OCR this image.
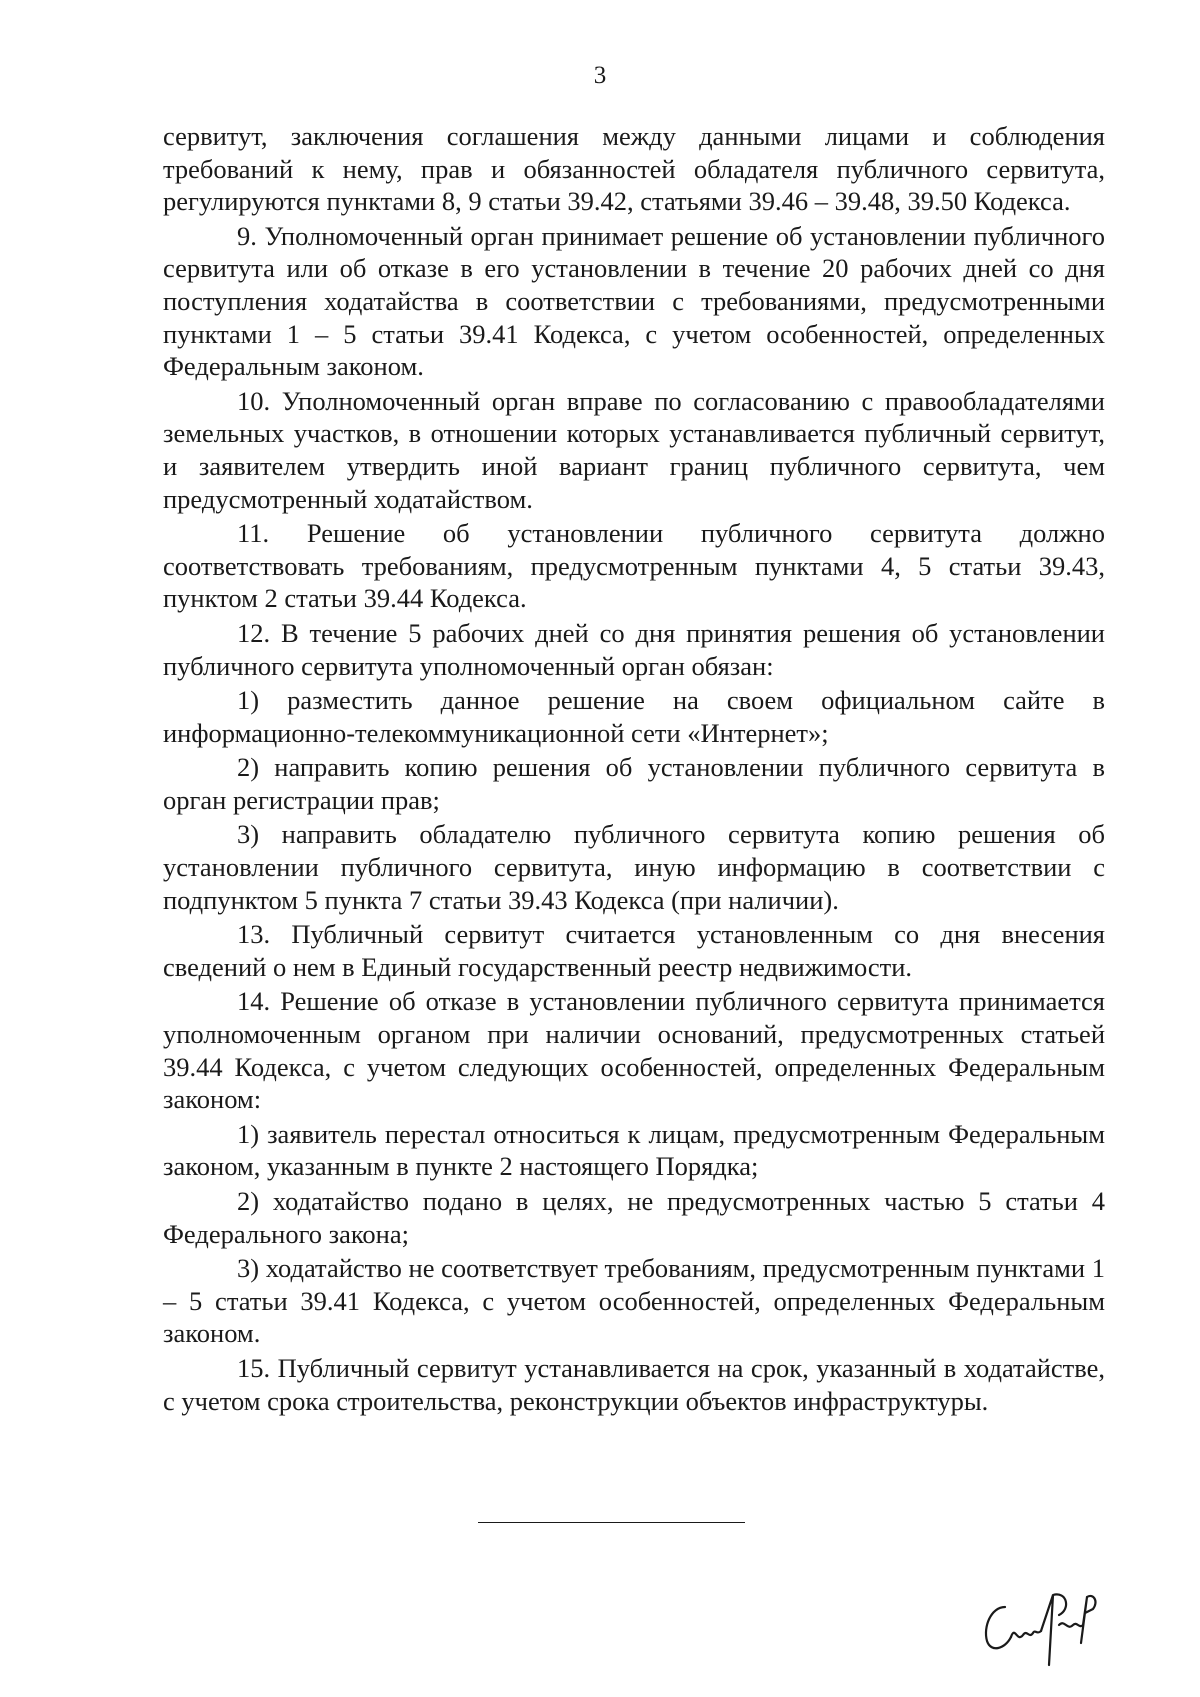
3

сервитут, заключения соглашения между данными лицами и соблюдения требований к нему, прав и обязанностей обладателя публичного сервитута, регулируются пунктами 8, 9 статьи 39.42, статьями 39.46 – 39.48, 39.50 Кодекса.

9. Уполномоченный орган принимает решение об установлении публичного сервитута или об отказе в его установлении в течение 20 рабочих дней со дня поступления ходатайства в соответствии с требованиями, предусмотренными пунктами 1 – 5 статьи 39.41 Кодекса, с учетом особенностей, определенных Федеральным законом.

10. Уполномоченный орган вправе по согласованию с правообладателями земельных участков, в отношении которых устанавливается публичный сервитут, и заявителем утвердить иной вариант границ публичного сервитута, чем предусмотренный ходатайством.

11. Решение об установлении публичного сервитута должно соответствовать требованиям, предусмотренным пунктами 4, 5 статьи 39.43, пунктом 2 статьи 39.44 Кодекса.

12. В течение 5 рабочих дней со дня принятия решения об установлении публичного сервитута уполномоченный орган обязан:

1) разместить данное решение на своем официальном сайте в информационно-телекоммуникационной сети «Интернет»;

2) направить копию решения об установлении публичного сервитута в орган регистрации прав;

3) направить обладателю публичного сервитута копию решения об установлении публичного сервитута, иную информацию в соответствии с подпунктом 5 пункта 7 статьи 39.43 Кодекса (при наличии).

13. Публичный сервитут считается установленным со дня внесения сведений о нем в Единый государственный реестр недвижимости.

14. Решение об отказе в установлении публичного сервитута принимается уполномоченным органом при наличии оснований, предусмотренных статьей 39.44 Кодекса, с учетом следующих особенностей, определенных Федеральным законом:

1) заявитель перестал относиться к лицам, предусмотренным Федеральным законом, указанным в пункте 2 настоящего Порядка;

2) ходатайство подано в целях, не предусмотренных частью 5 статьи 4 Федерального закона;

3) ходатайство не соответствует требованиям, предусмотренным пунктами 1 – 5 статьи 39.41 Кодекса, с учетом особенностей, определенных Федеральным законом.

15. Публичный сервитут устанавливается на срок, указанный в ходатайстве, с учетом срока строительства, реконструкции объектов инфраструктуры.
